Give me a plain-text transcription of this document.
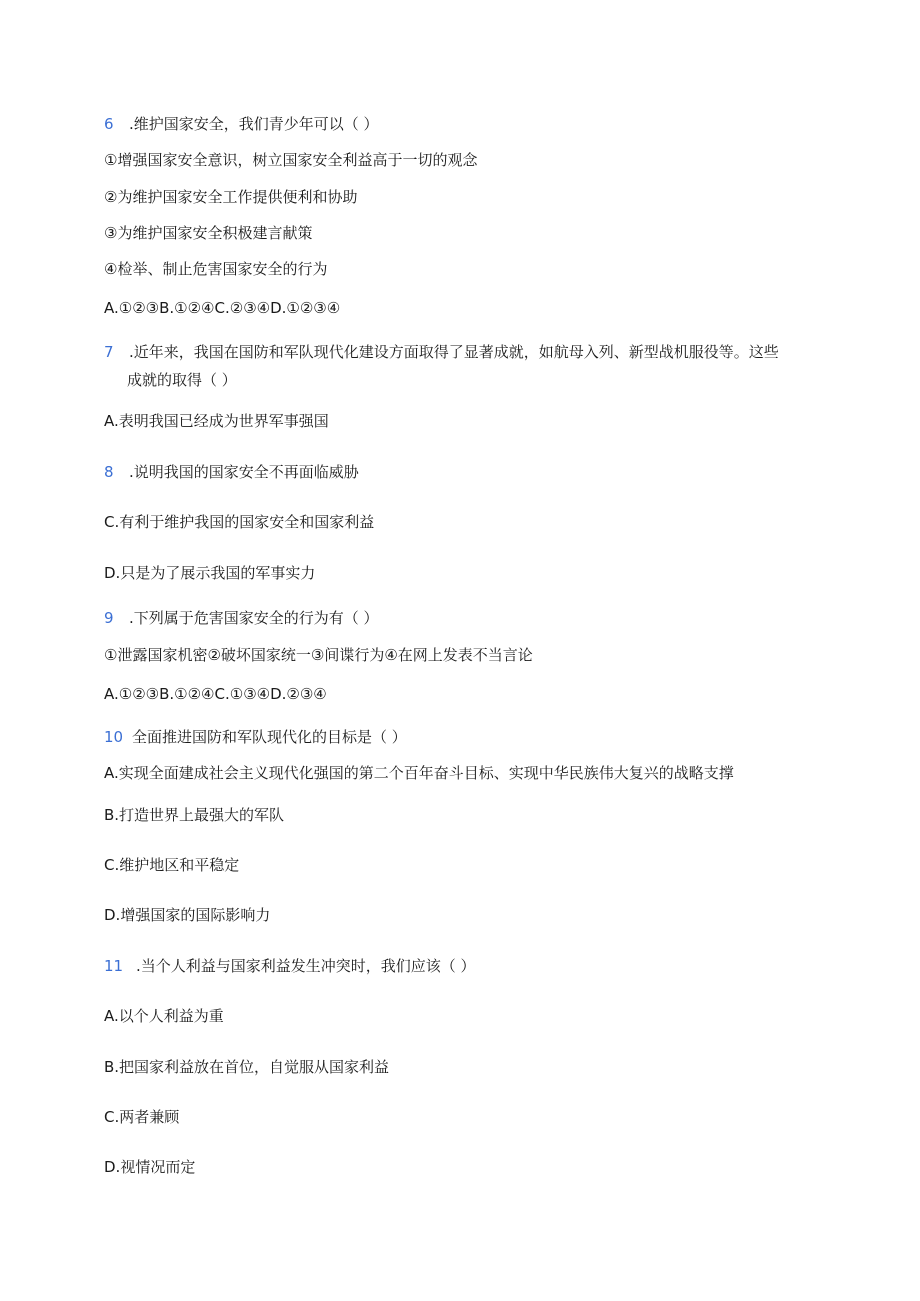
6 .维护国家安全，我们青少年可以（ ）
①增强国家安全意识，树立国家安全利益高于一切的观念
②为维护国家安全工作提供便利和协助
③为维护国家安全积极建言献策
④检举、制止危害国家安全的行为
A.①②③B.①②④C.②③④D.①②③④
7 .近年来，我国在国防和军队现代化建设方面取得了显著成就，如航母入列、新型战机服役等。这些
成就的取得（ ）
A.表明我国已经成为世界军事强国
8 .说明我国的国家安全不再面临威胁
C.有利于维护我国的国家安全和国家利益
D.只是为了展示我国的军事实力
9 .下列属于危害国家安全的行为有（ ）
①泄露国家机密②破坏国家统一③间谍行为④在网上发表不当言论
A.①②③B.①②④C.①③④D.②③④
10 全面推进国防和军队现代化的目标是（ ）
A.实现全面建成社会主义现代化强国的第二个百年奋斗目标、实现中华民族伟大复兴的战略支撑
B.打造世界上最强大的军队
C.维护地区和平稳定
D.增强国家的国际影响力
11 .当个人利益与国家利益发生冲突时，我们应该（ ）
A.以个人利益为重
B.把国家利益放在首位，自觉服从国家利益
C.两者兼顾
D.视情况而定
